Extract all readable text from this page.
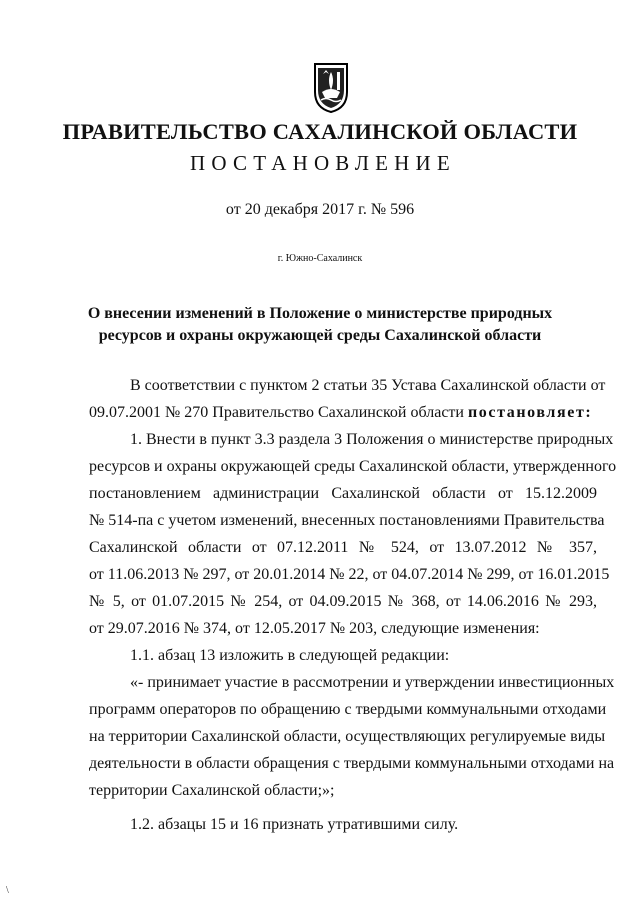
ПРАВИТЕЛЬСТВО САХАЛИНСКОЙ ОБЛАСТИ
ПОСТАНОВЛЕНИЕ
от 20 декабря 2017 г. № 596
г. Южно-Сахалинск
О внесении изменений в Положение о министерстве природных
ресурсов и охраны окружающей среды Сахалинской области
В соответствии с пунктом 2 статьи 35 Устава Сахалинской области от
09.07.2001 № 270 Правительство Сахалинской области постановляет:
1. Внести в пункт 3.3 раздела 3 Положения о министерстве природных
ресурсов и охраны окружающей среды Сахалинской области, утвержденного
постановлением администрации Сахалинской области от 15.12.2009
№ 514-па с учетом изменений, внесенных постановлениями Правительства
Сахалинской области от 07.12.2011 № 524, от 13.07.2012 № 357,
от 11.06.2013 № 297, от 20.01.2014 № 22, от 04.07.2014 № 299, от 16.01.2015
№ 5, от 01.07.2015 № 254, от 04.09.2015 № 368, от 14.06.2016 № 293,
от 29.07.2016 № 374, от 12.05.2017 № 203, следующие изменения:
1.1. абзац 13 изложить в следующей редакции:
«- принимает участие в рассмотрении и утверждении инвестиционных
программ операторов по обращению с твердыми коммунальными отходами
на территории Сахалинской области, осуществляющих регулируемые виды
деятельности в области обращения с твердыми коммунальными отходами на
территории Сахалинской области;»;
1.2. абзацы 15 и 16 признать утратившими силу.
\
